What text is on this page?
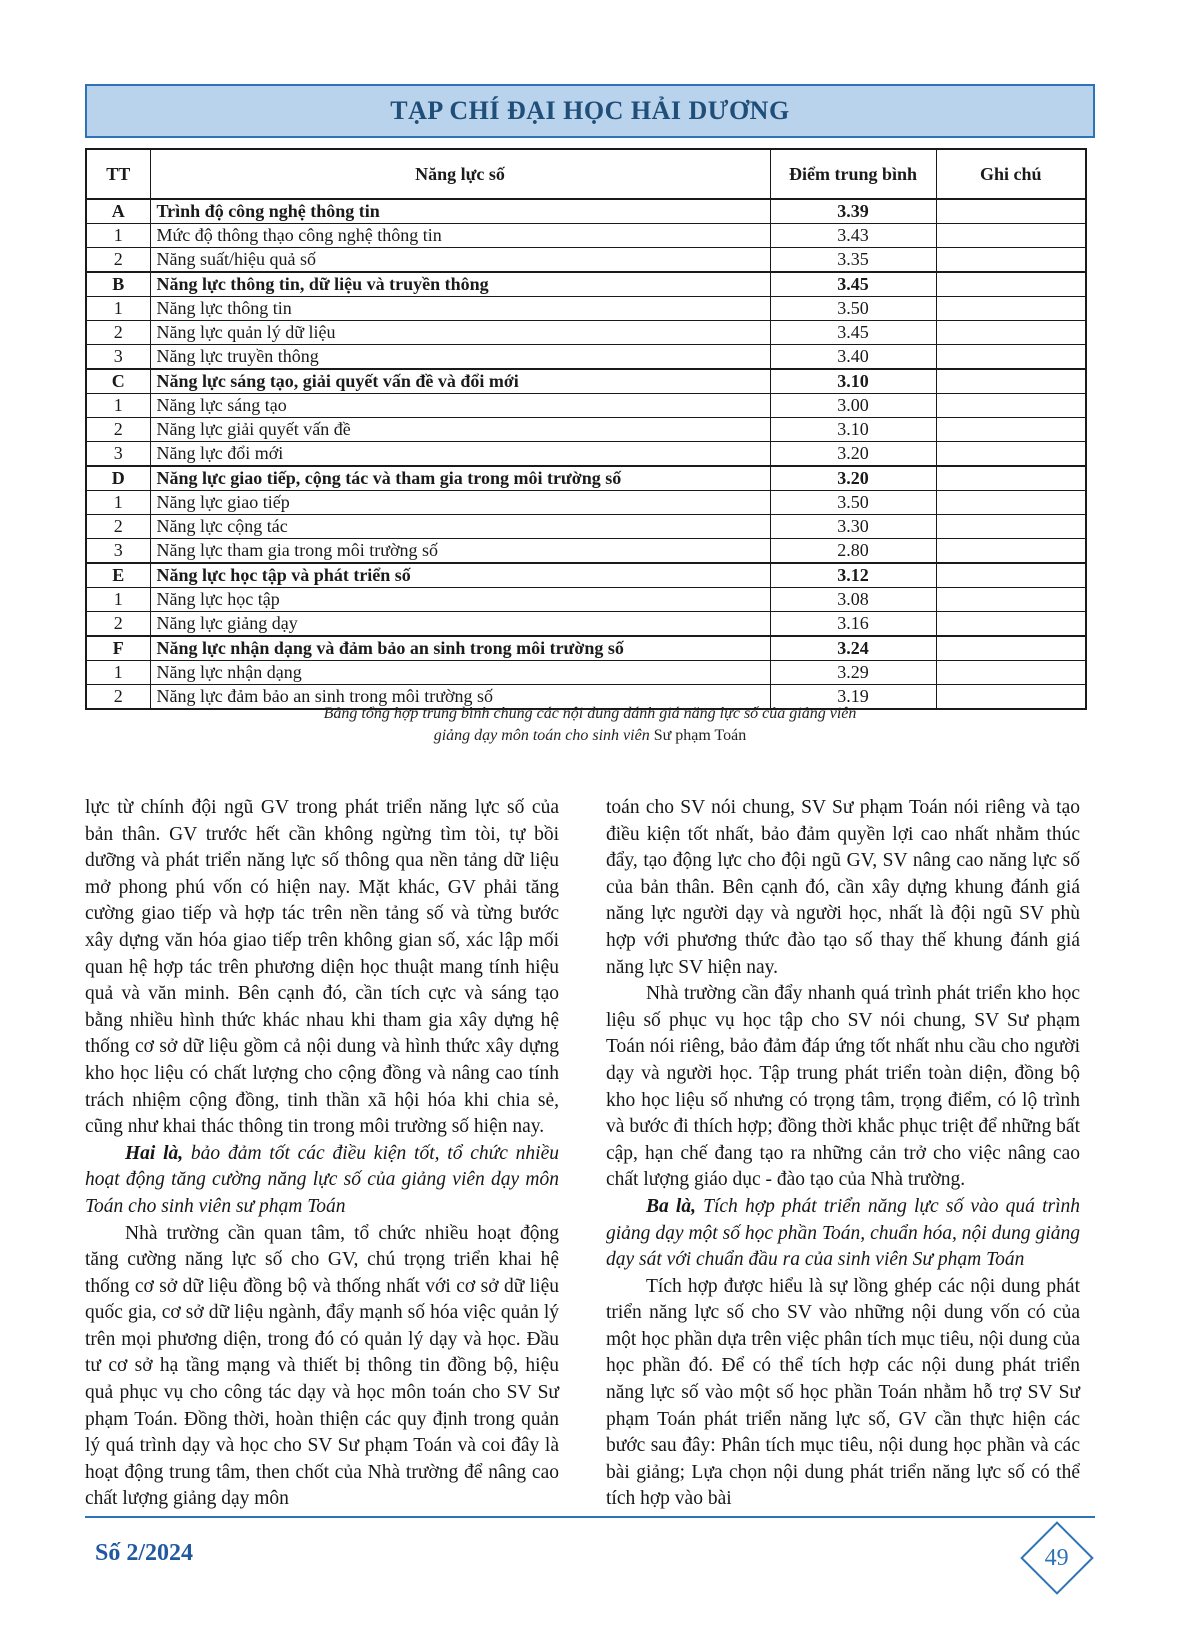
TẠP CHÍ ĐẠI HỌC HẢI DƯƠNG
TT	Năng lực số	Điểm trung bình	Ghi chú
A	Trình độ công nghệ thông tin	3.39	
1	Mức độ thông thạo công nghệ thông tin	3.43	
2	Năng suất/hiệu quả số	3.35	
B	Năng lực thông tin, dữ liệu và truyền thông	3.45	
1	Năng lực thông tin	3.50	
2	Năng lực quản lý dữ liệu	3.45	
3	Năng lực truyền thông	3.40	
C	Năng lực sáng tạo, giải quyết vấn đề và đổi mới	3.10	
1	Năng lực sáng tạo	3.00	
2	Năng lực giải quyết vấn đề	3.10	
3	Năng lực đổi mới	3.20	
D	Năng lực giao tiếp, cộng tác và tham gia trong môi trường số	3.20	
1	Năng lực giao tiếp	3.50	
2	Năng lực cộng tác	3.30	
3	Năng lực tham gia trong môi trường số	2.80	
E	Năng lực học tập và phát triển số	3.12	
1	Năng lực học tập	3.08	
2	Năng lực giảng dạy	3.16	
F	Năng lực nhận dạng và đảm bảo an sinh trong môi trường số	3.24	
1	Năng lực nhận dạng	3.29	
2	Năng lực đảm bảo an sinh trong môi trường số	3.19	
Bảng tổng hợp trung bình chung các nội dung đánh giá năng lực số của giảng viên
giảng dạy môn toán cho sinh viên Sư phạm Toán

lực từ chính đội ngũ GV trong phát triển năng lực số của bản thân. GV trước hết cần không ngừng tìm tòi, tự bồi dưỡng và phát triển năng lực số thông qua nền tảng dữ liệu mở phong phú vốn có hiện nay. Mặt khác, GV phải tăng cường giao tiếp và hợp tác trên nền tảng số và từng bước xây dựng văn hóa giao tiếp trên không gian số, xác lập mối quan hệ hợp tác trên phương diện học thuật mang tính hiệu quả và văn minh. Bên cạnh đó, cần tích cực và sáng tạo bằng nhiều hình thức khác nhau khi tham gia xây dựng hệ thống cơ sở dữ liệu gồm cả nội dung và hình thức xây dựng kho học liệu có chất lượng cho cộng đồng và nâng cao tính trách nhiệm cộng đồng, tinh thần xã hội hóa khi chia sẻ, cũng như khai thác thông tin trong môi trường số hiện nay.

Hai là, bảo đảm tốt các điều kiện tốt, tổ chức nhiều hoạt động tăng cường năng lực số của giảng viên dạy môn Toán cho sinh viên sư phạm Toán

Nhà trường cần quan tâm, tổ chức nhiều hoạt động tăng cường năng lực số cho GV, chú trọng triển khai hệ thống cơ sở dữ liệu đồng bộ và thống nhất với cơ sở dữ liệu quốc gia, cơ sở dữ liệu ngành, đẩy mạnh số hóa việc quản lý trên mọi phương diện, trong đó có quản lý dạy và học. Đầu tư cơ sở hạ tầng mạng và thiết bị thông tin đồng bộ, hiệu quả phục vụ cho công tác dạy và học môn toán cho SV Sư phạm Toán. Đồng thời, hoàn thiện các quy định trong quản lý quá trình dạy và học cho SV Sư phạm Toán và coi đây là hoạt động trung tâm, then chốt của Nhà trường để nâng cao chất lượng giảng dạy môn

toán cho SV nói chung, SV Sư phạm Toán nói riêng và tạo điều kiện tốt nhất, bảo đảm quyền lợi cao nhất nhằm thúc đẩy, tạo động lực cho đội ngũ GV, SV nâng cao năng lực số của bản thân. Bên cạnh đó, cần xây dựng khung đánh giá năng lực người dạy và người học, nhất là đội ngũ SV phù hợp với phương thức đào tạo số thay thế khung đánh giá năng lực SV hiện nay.

Nhà trường cần đẩy nhanh quá trình phát triển kho học liệu số phục vụ học tập cho SV nói chung, SV Sư phạm Toán nói riêng, bảo đảm đáp ứng tốt nhất nhu cầu cho người dạy và người học. Tập trung phát triển toàn diện, đồng bộ kho học liệu số nhưng có trọng tâm, trọng điểm, có lộ trình và bước đi thích hợp; đồng thời khắc phục triệt để những bất cập, hạn chế đang tạo ra những cản trở cho việc nâng cao chất lượng giáo dục - đào tạo của Nhà trường.

Ba là, Tích hợp phát triển năng lực số vào quá trình giảng dạy một số học phần Toán, chuẩn hóa, nội dung giảng dạy sát với chuẩn đầu ra của sinh viên Sư phạm Toán

Tích hợp được hiểu là sự lồng ghép các nội dung phát triển năng lực số cho SV vào những nội dung vốn có của một học phần dựa trên việc phân tích mục tiêu, nội dung của học phần đó. Để có thể tích hợp các nội dung phát triển năng lực số vào một số học phần Toán nhằm hỗ trợ SV Sư phạm Toán phát triển năng lực số, GV cần thực hiện các bước sau đây: Phân tích mục tiêu, nội dung học phần và các bài giảng; Lựa chọn nội dung phát triển năng lực số có thể tích hợp vào bài

Số 2/2024	49
